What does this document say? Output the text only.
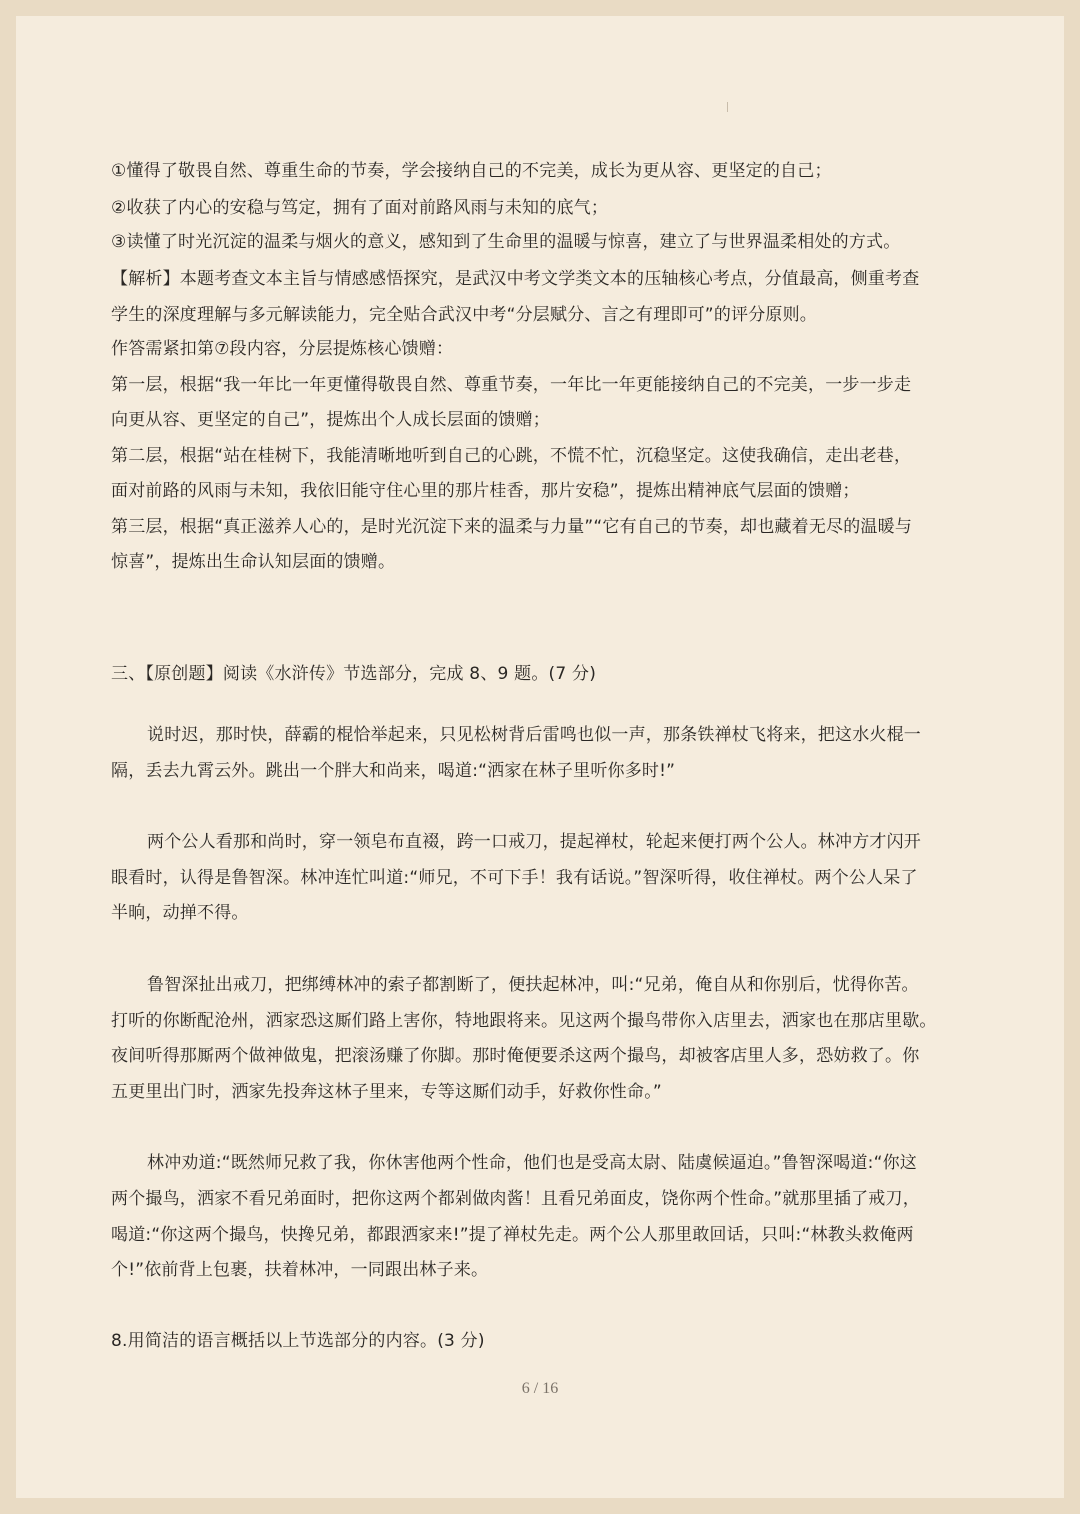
①懂得了敬畏自然、尊重生命的节奏，学会接纳自己的不完美，成长为更从容、更坚定的自己；

②收获了内心的安稳与笃定，拥有了面对前路风雨与未知的底气；

③读懂了时光沉淀的温柔与烟火的意义，感知到了生命里的温暖与惊喜，建立了与世界温柔相处的方式。

【解析】本题考查文本主旨与情感感悟探究，是武汉中考文学类文本的压轴核心考点，分值最高，侧重考查

学生的深度理解与多元解读能力，完全贴合武汉中考“分层赋分、言之有理即可”的评分原则。

作答需紧扣第⑦段内容，分层提炼核心馈赠：

第一层，根据“我一年比一年更懂得敬畏自然、尊重节奏，一年比一年更能接纳自己的不完美，一步一步走

向更从容、更坚定的自己”，提炼出个人成长层面的馈赠；

第二层，根据“站在桂树下，我能清晰地听到自己的心跳，不慌不忙，沉稳坚定。这使我确信，走出老巷，

面对前路的风雨与未知，我依旧能守住心里的那片桂香，那片安稳”，提炼出精神底气层面的馈赠；

第三层，根据“真正滋养人心的，是时光沉淀下来的温柔与力量”“它有自己的节奏，却也藏着无尽的温暖与

惊喜”，提炼出生命认知层面的馈赠。

三、【原创题】阅读《水浒传》节选部分，完成 8、9 题。(7 分)

说时迟，那时快，薛霸的棍恰举起来，只见松树背后雷鸣也似一声，那条铁禅杖飞将来，把这水火棍一

隔，丢去九霄云外。跳出一个胖大和尚来，喝道:“洒家在林子里听你多时!”

两个公人看那和尚时，穿一领皂布直裰，跨一口戒刀，提起禅杖，轮起来便打两个公人。林冲方才闪开

眼看时，认得是鲁智深。林冲连忙叫道:“师兄，不可下手！我有话说。”智深听得，收住禅杖。两个公人呆了

半晌，动掸不得。

鲁智深扯出戒刀，把绑缚林冲的索子都割断了，便扶起林冲，叫:“兄弟，俺自从和你别后，忧得你苦。

打听的你断配沧州，洒家恐这厮们路上害你，特地跟将来。见这两个撮鸟带你入店里去，洒家也在那店里歇。

夜间听得那厮两个做神做鬼，把滚汤赚了你脚。那时俺便要杀这两个撮鸟，却被客店里人多，恐妨救了。你

五更里出门时，洒家先投奔这林子里来，专等这厮们动手，好救你性命。”

林冲劝道:“既然师兄救了我，你休害他两个性命，他们也是受高太尉、陆虞候逼迫。”鲁智深喝道:“你这

两个撮鸟，洒家不看兄弟面时，把你这两个都剁做肉酱！且看兄弟面皮，饶你两个性命。”就那里插了戒刀，

喝道:“你这两个撮鸟，快搀兄弟，都跟洒家来!”提了禅杖先走。两个公人那里敢回话，只叫:“林教头救俺两

个!”依前背上包裹，扶着林冲，一同跟出林子来。

8.用简洁的语言概括以上节选部分的内容。(3 分)

6 / 16
